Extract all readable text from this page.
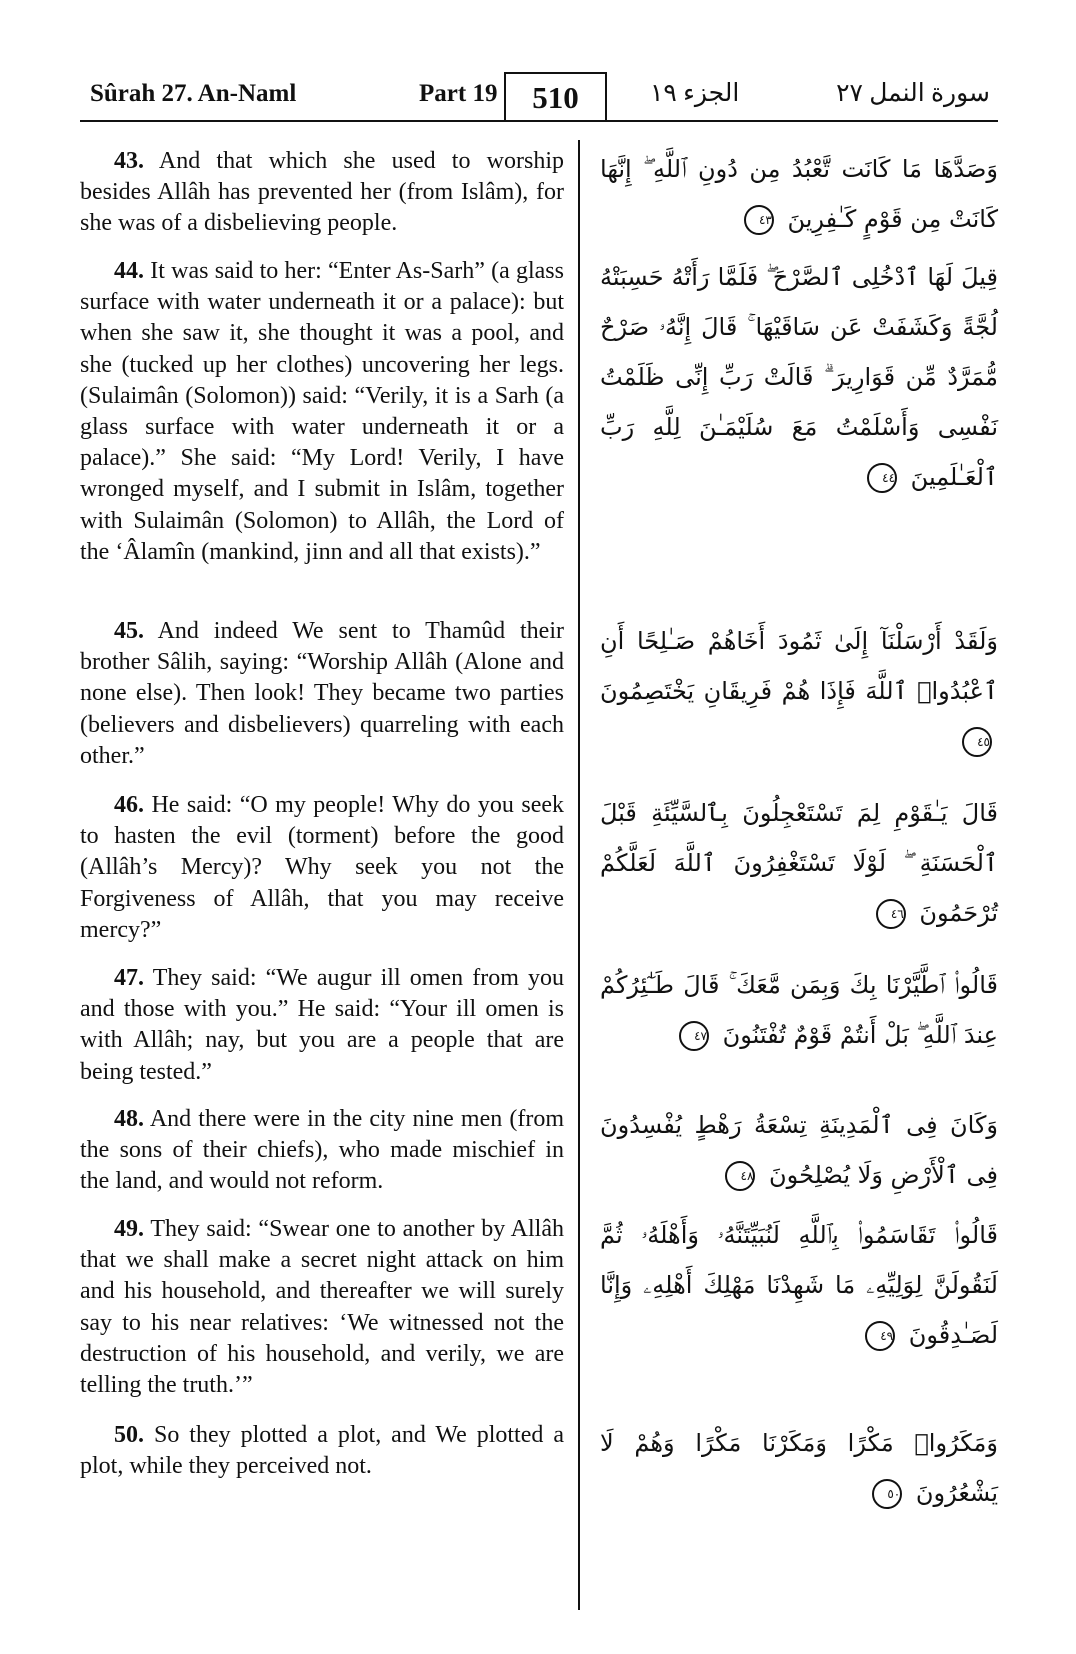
Sûrah 27. An-Naml	Part 19	510	الجزء ١٩	سورة النمل ٢٧
43. And that which she used to worship besides Allâh has prevented her (from Islâm), for she was of a disbelieving people.
وَصَدَّهَا مَا كَانَت تَّعْبُدُ مِن دُونِ ٱللَّهِ ۖ إِنَّهَا كَانَتْ مِن قَوْمٍ كَـٰفِرِينَ ٤٣
44. It was said to her: “Enter As-Sarh” (a glass surface with water underneath it or a palace): but when she saw it, she thought it was a pool, and she (tucked up her clothes) uncovering her legs. (Sulaimân (Solomon)) said: “Verily, it is a Sarh (a glass surface with water underneath it or a palace).” She said: “My Lord! Verily, I have wronged myself, and I submit in Islâm, together with Sulaimân (Solomon) to Allâh, the Lord of the ‘Âlamîn (mankind, jinn and all that exists).”
قِيلَ لَهَا ٱدْخُلِى ٱلصَّرْحَ ۖ فَلَمَّا رَأَتْهُ حَسِبَتْهُ لُجَّةً وَكَشَفَتْ عَن سَاقَيْهَا ۚ قَالَ إِنَّهُۥ صَرْحٌ مُّمَرَّدٌ مِّن قَوَارِيرَ ۗ قَالَتْ رَبِّ إِنِّى ظَلَمْتُ نَفْسِى وَأَسْلَمْتُ مَعَ سُلَيْمَـٰنَ لِلَّهِ رَبِّ ٱلْعَـٰلَمِينَ ٤٤
45. And indeed We sent to Thamûd their brother Sâlih, saying: “Worship Allâh (Alone and none else). Then look! They became two parties (believers and disbelievers) quarreling with each other.”
وَلَقَدْ أَرْسَلْنَآ إِلَىٰ ثَمُودَ أَخَاهُمْ صَـٰلِحًا أَنِ ٱعْبُدُوا۟ ٱللَّهَ فَإِذَا هُمْ فَرِيقَانِ يَخْتَصِمُونَ ٤٥
46. He said: “O my people! Why do you seek to hasten the evil (torment) before the good (Allâh’s Mercy)? Why seek you not the Forgiveness of Allâh, that you may receive mercy?”
قَالَ يَـٰقَوْمِ لِمَ تَسْتَعْجِلُونَ بِٱلسَّيِّئَةِ قَبْلَ ٱلْحَسَنَةِ ۖ لَوْلَا تَسْتَغْفِرُونَ ٱللَّهَ لَعَلَّكُمْ تُرْحَمُونَ ٤٦
47. They said: “We augur ill omen from you and those with you.” He said: “Your ill omen is with Allâh; nay, but you are a people that are being tested.”
قَالُوا۟ ٱطَّيَّرْنَا بِكَ وَبِمَن مَّعَكَ ۚ قَالَ طَـٰٓئِرُكُمْ عِندَ ٱللَّهِ ۖ بَلْ أَنتُمْ قَوْمٌ تُفْتَنُونَ ٤٧
48. And there were in the city nine men (from the sons of their chiefs), who made mischief in the land, and would not reform.
وَكَانَ فِى ٱلْمَدِينَةِ تِسْعَةُ رَهْطٍ يُفْسِدُونَ فِى ٱلْأَرْضِ وَلَا يُصْلِحُونَ ٤٨
49. They said: “Swear one to another by Allâh that we shall make a secret night attack on him and his household, and thereafter we will surely say to his near relatives: ‘We witnessed not the destruction of his household, and verily, we are telling the truth.’”
قَالُوا۟ تَقَاسَمُوا۟ بِٱللَّهِ لَنُبَيِّتَنَّهُۥ وَأَهْلَهُۥ ثُمَّ لَنَقُولَنَّ لِوَلِيِّهِۦ مَا شَهِدْنَا مَهْلِكَ أَهْلِهِۦ وَإِنَّا لَصَـٰدِقُونَ ٤٩
50. So they plotted a plot, and We plotted a plot, while they perceived not.
وَمَكَرُوا۟ مَكْرًا وَمَكَرْنَا مَكْرًا وَهُمْ لَا يَشْعُرُونَ ٥٠
